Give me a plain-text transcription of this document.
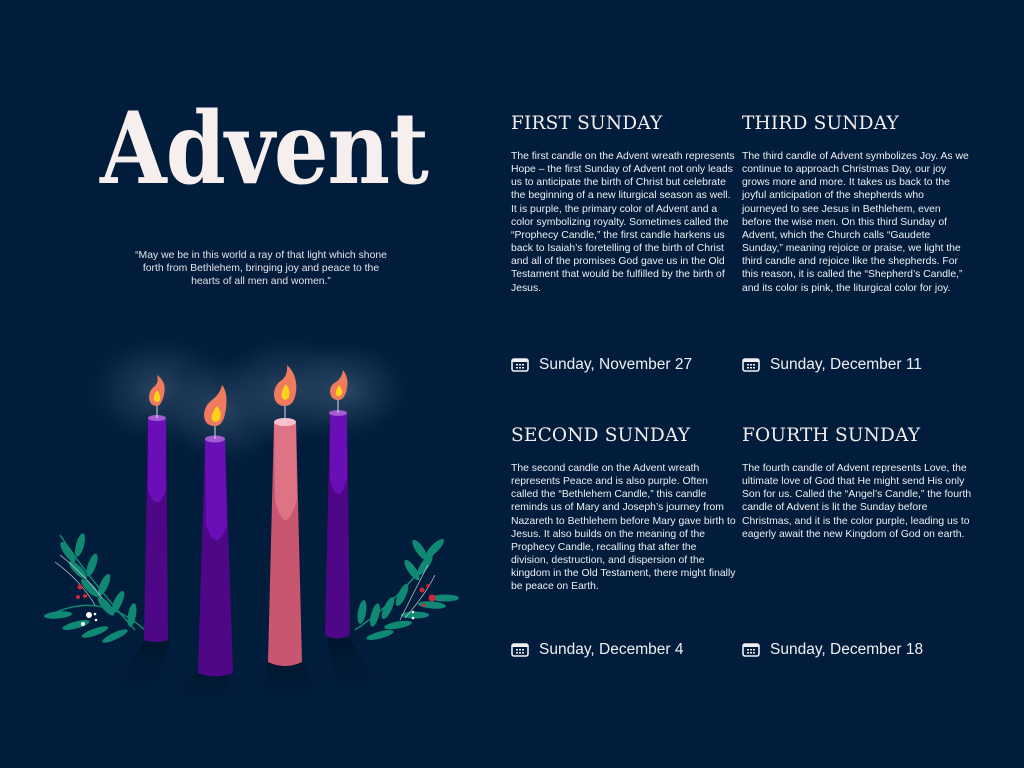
Advent
“May we be in this world a ray of that light which shone forth from Bethlehem, bringing joy and peace to the hearts of all men and women.”
FIRST SUNDAY

The first candle on the Advent wreath represents Hope – the first Sunday of Advent not only leads us to anticipate the birth of Christ but celebrate the beginning of a new liturgical season as well. It is purple, the primary color of Advent and a color symbolizing royalty. Sometimes called the “Prophecy Candle,” the first candle harkens us back to Isaiah’s foretelling of the birth of Christ and all of the promises God gave us in the Old Testament that would be fulfilled by the birth of Jesus.

Sunday, November 27
THIRD SUNDAY

The third candle of Advent symbolizes Joy. As we continue to approach Christmas Day, our joy grows more and more. It takes us back to the joyful anticipation of the shepherds who journeyed to see Jesus in Bethlehem, even before the wise men. On this third Sunday of Advent, which the Church calls “Gaudete Sunday,” meaning rejoice or praise, we light the third candle and rejoice like the shepherds. For this reason, it is called the “Shepherd’s Candle,” and its color is pink, the liturgical color for joy.

Sunday, December 11
SECOND SUNDAY

The second candle on the Advent wreath represents Peace and is also purple. Often called the “Bethlehem Candle,” this candle reminds us of Mary and Joseph’s journey from Nazareth to Bethlehem before Mary gave birth to Jesus. It also builds on the meaning of the Prophecy Candle, recalling that after the division, destruction, and dispersion of the kingdom in the Old Testament, there might finally be peace on Earth.

Sunday, December 4
FOURTH SUNDAY

The fourth candle of Advent represents Love, the ultimate love of God that He might send His only Son for us. Called the “Angel’s Candle,” the fourth candle of Advent is lit the Sunday before Christmas, and it is the color purple, leading us to eagerly await the new Kingdom of God on earth.

Sunday, December 18
